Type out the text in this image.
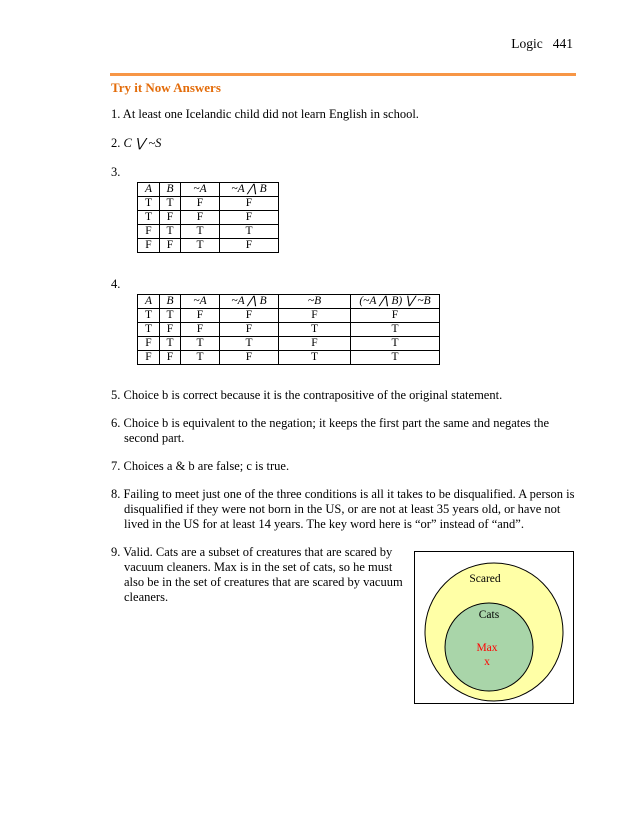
Logic 441
Try it Now Answers
1. At least one Icelandic child did not learn English in school.
2. C ⋁ ~S
3.
A	B	~A	~A ⋀ B
T	T	F	F
T	F	F	F
F	T	T	T
F	F	T	F
4.
A	B	~A	~A ⋀ B	~B	(~A ⋀ B) ⋁ ~B
T	T	F	F	F	F
T	F	F	F	T	T
F	T	T	T	F	T
F	F	T	F	T	T
5. Choice b is correct because it is the contrapositive of the original statement.
6. Choice b is equivalent to the negation; it keeps the first part the same and negates the
second part.
7. Choices a & b are false; c is true.
8. Failing to meet just one of the three conditions is all it takes to be disqualified. A person is
disqualified if they were not born in the US, or are not at least 35 years old, or have not
lived in the US for at least 14 years. The key word here is “or” instead of “and”.
9. Valid. Cats are a subset of creatures that are scared by
vacuum cleaners. Max is in the set of cats, so he must
also be in the set of creatures that are scared by vacuum
cleaners.
Scared
Cats
Max
x
